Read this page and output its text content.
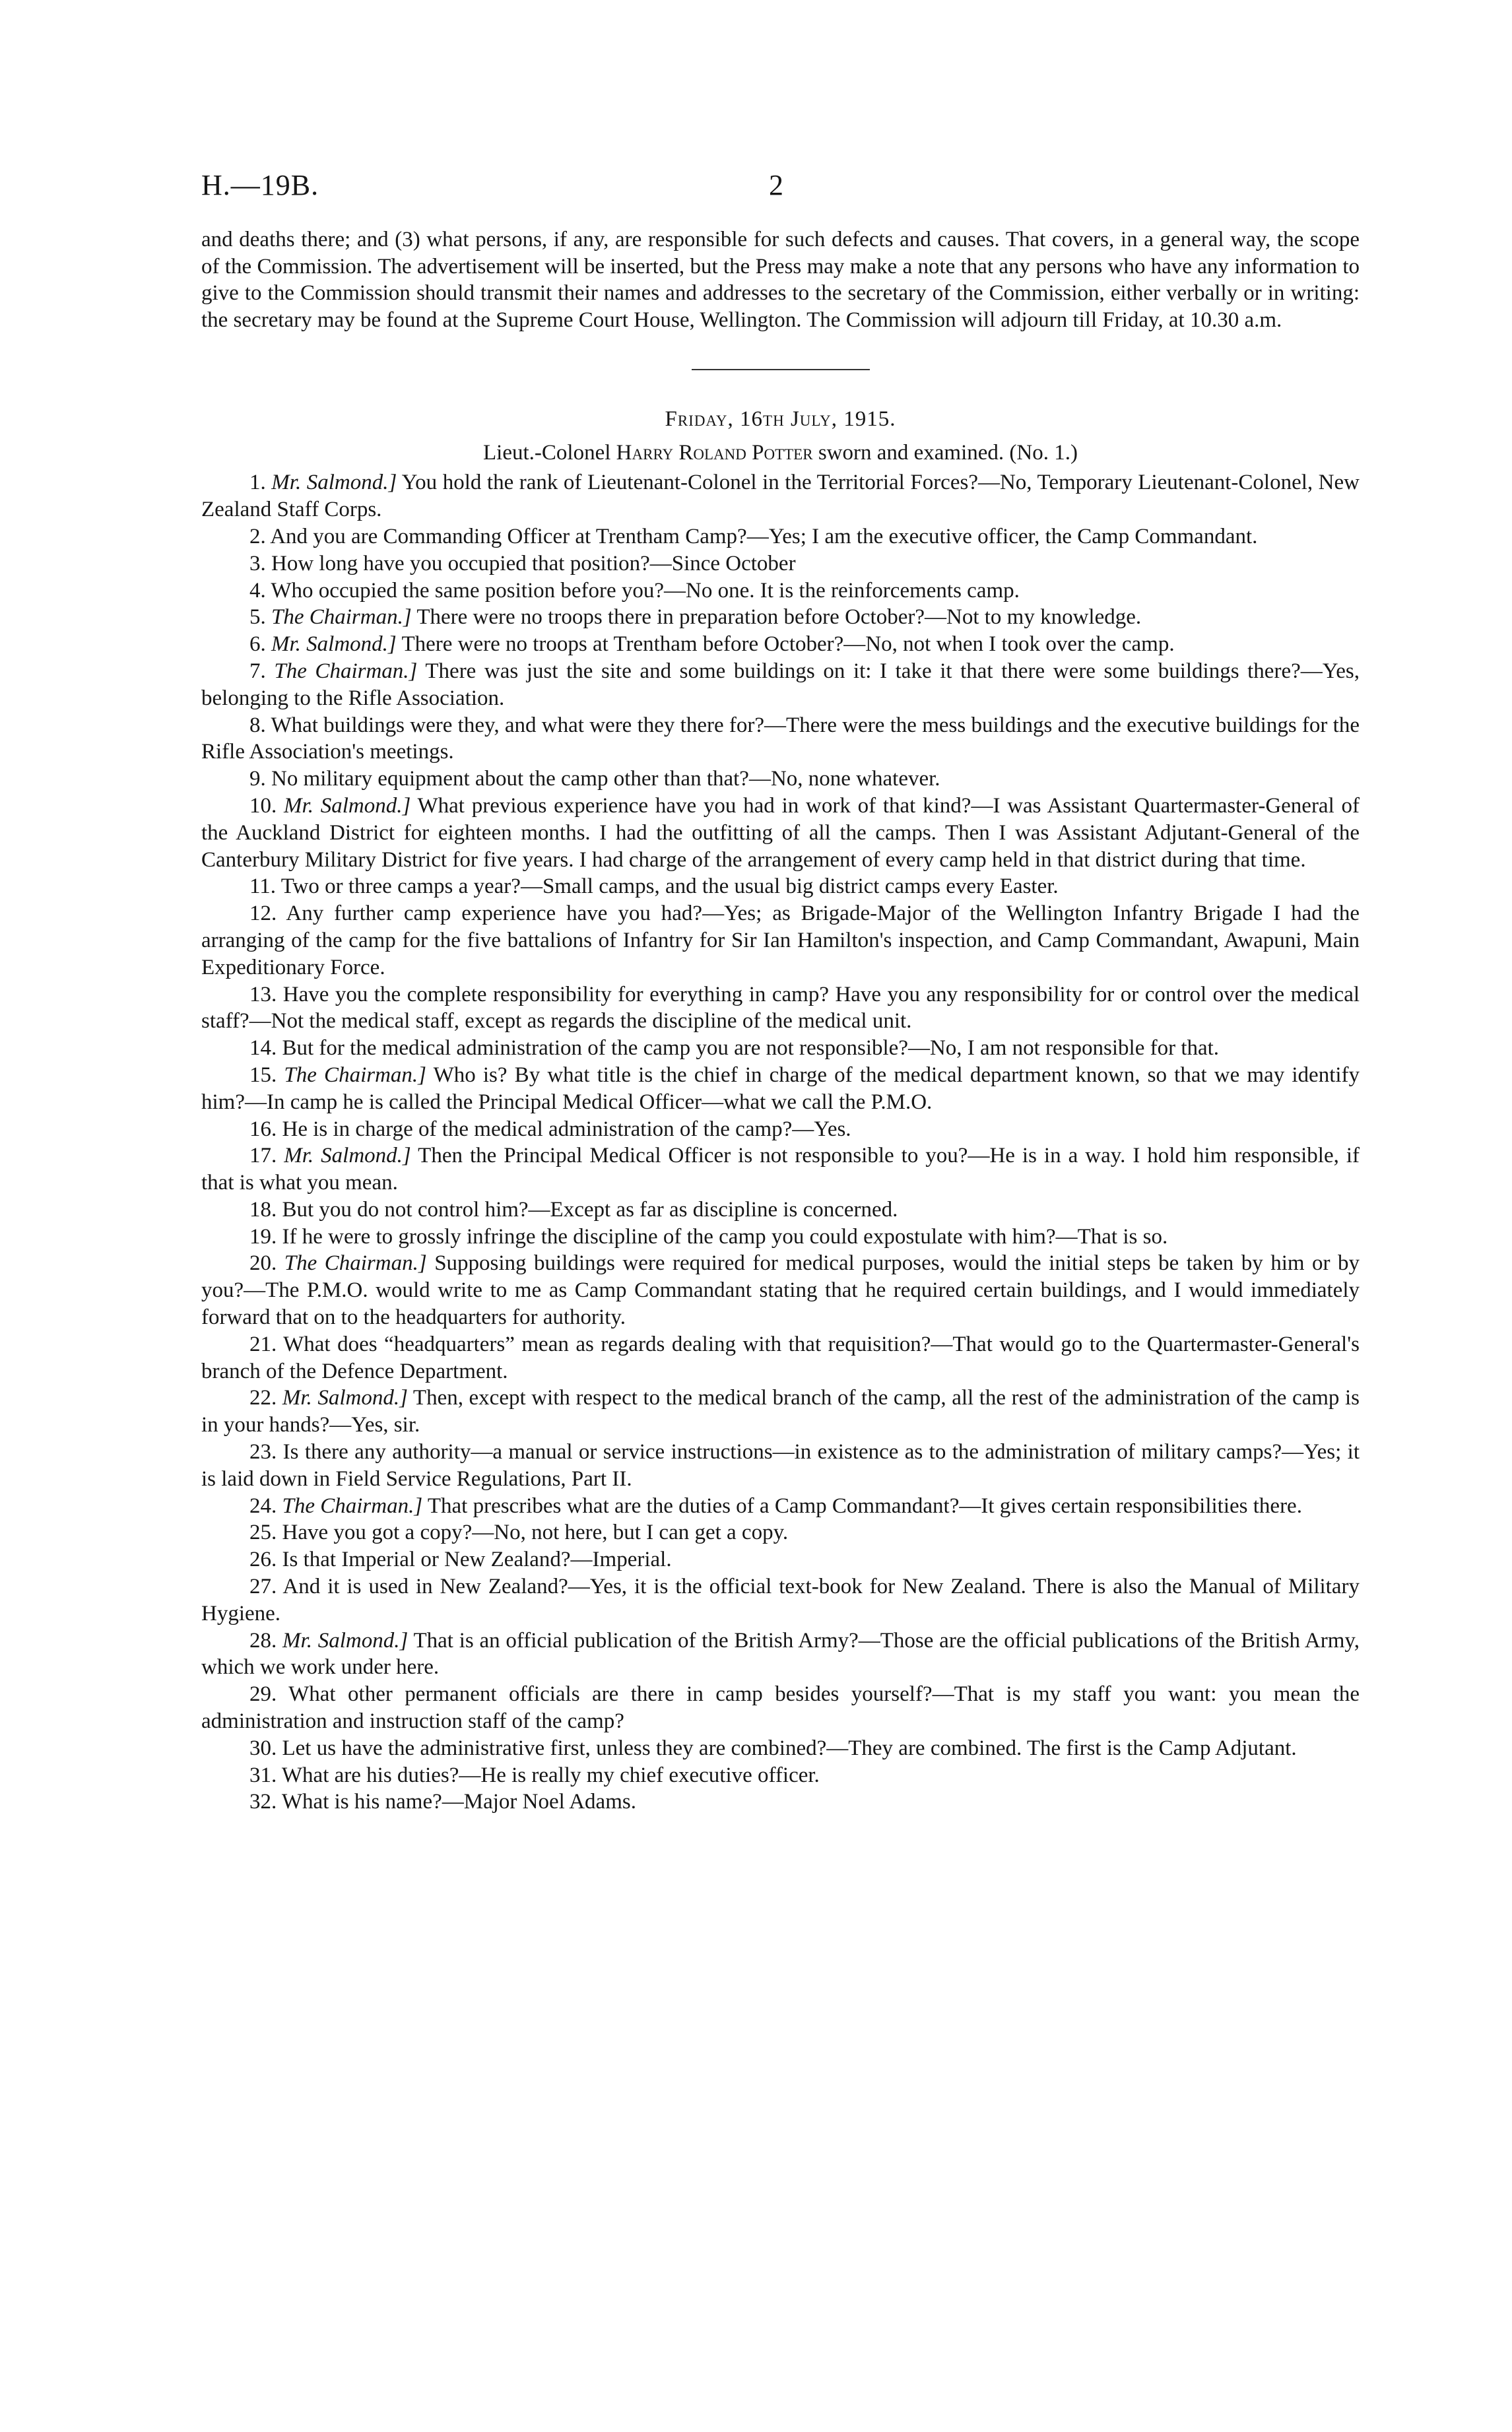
H.—19B.	2

and deaths there; and (3) what persons, if any, are responsible for such defects and causes. That covers, in a general way, the scope of the Commission. The advertisement will be inserted, but the Press may make a note that any persons who have any information to give to the Commission should transmit their names and addresses to the secretary of the Commission, either verbally or in writing: the secretary may be found at the Supreme Court House, Wellington. The Commission will adjourn till Friday, at 10.30 a.m.

Friday, 16th July, 1915.

Lieut.-Colonel Harry Roland Potter sworn and examined. (No. 1.)

1. Mr. Salmond.] You hold the rank of Lieutenant-Colonel in the Territorial Forces?—No, Temporary Lieutenant-Colonel, New Zealand Staff Corps.

2. And you are Commanding Officer at Trentham Camp?—Yes; I am the executive officer, the Camp Commandant.

3. How long have you occupied that position?—Since October

4. Who occupied the same position before you?—No one. It is the reinforcements camp.

5. The Chairman.] There were no troops there in preparation before October?—Not to my knowledge.

6. Mr. Salmond.] There were no troops at Trentham before October?—No, not when I took over the camp.

7. The Chairman.] There was just the site and some buildings on it: I take it that there were some buildings there?—Yes, belonging to the Rifle Association.

8. What buildings were they, and what were they there for?—There were the mess buildings and the executive buildings for the Rifle Association's meetings.

9. No military equipment about the camp other than that?—No, none whatever.

10. Mr. Salmond.] What previous experience have you had in work of that kind?—I was Assistant Quartermaster-General of the Auckland District for eighteen months. I had the outfitting of all the camps. Then I was Assistant Adjutant-General of the Canterbury Military District for five years. I had charge of the arrangement of every camp held in that district during that time.

11. Two or three camps a year?—Small camps, and the usual big district camps every Easter.

12. Any further camp experience have you had?—Yes; as Brigade-Major of the Wellington Infantry Brigade I had the arranging of the camp for the five battalions of Infantry for Sir Ian Hamilton's inspection, and Camp Commandant, Awapuni, Main Expeditionary Force.

13. Have you the complete responsibility for everything in camp? Have you any responsibility for or control over the medical staff?—Not the medical staff, except as regards the discipline of the medical unit.

14. But for the medical administration of the camp you are not responsible?—No, I am not responsible for that.

15. The Chairman.] Who is? By what title is the chief in charge of the medical department known, so that we may identify him?—In camp he is called the Principal Medical Officer—what we call the P.M.O.

16. He is in charge of the medical administration of the camp?—Yes.

17. Mr. Salmond.] Then the Principal Medical Officer is not responsible to you?—He is in a way. I hold him responsible, if that is what you mean.

18. But you do not control him?—Except as far as discipline is concerned.

19. If he were to grossly infringe the discipline of the camp you could expostulate with him?—That is so.

20. The Chairman.] Supposing buildings were required for medical purposes, would the initial steps be taken by him or by you?—The P.M.O. would write to me as Camp Commandant stating that he required certain buildings, and I would immediately forward that on to the headquarters for authority.

21. What does “headquarters” mean as regards dealing with that requisition?—That would go to the Quartermaster-General's branch of the Defence Department.

22. Mr. Salmond.] Then, except with respect to the medical branch of the camp, all the rest of the administration of the camp is in your hands?—Yes, sir.

23. Is there any authority—a manual or service instructions—in existence as to the administration of military camps?—Yes; it is laid down in Field Service Regulations, Part II.

24. The Chairman.] That prescribes what are the duties of a Camp Commandant?—It gives certain responsibilities there.

25. Have you got a copy?—No, not here, but I can get a copy.

26. Is that Imperial or New Zealand?—Imperial.

27. And it is used in New Zealand?—Yes, it is the official text-book for New Zealand. There is also the Manual of Military Hygiene.

28. Mr. Salmond.] That is an official publication of the British Army?—Those are the official publications of the British Army, which we work under here.

29. What other permanent officials are there in camp besides yourself?—That is my staff you want: you mean the administration and instruction staff of the camp?

30. Let us have the administrative first, unless they are combined?—They are combined. The first is the Camp Adjutant.

31. What are his duties?—He is really my chief executive officer.

32. What is his name?—Major Noel Adams.
